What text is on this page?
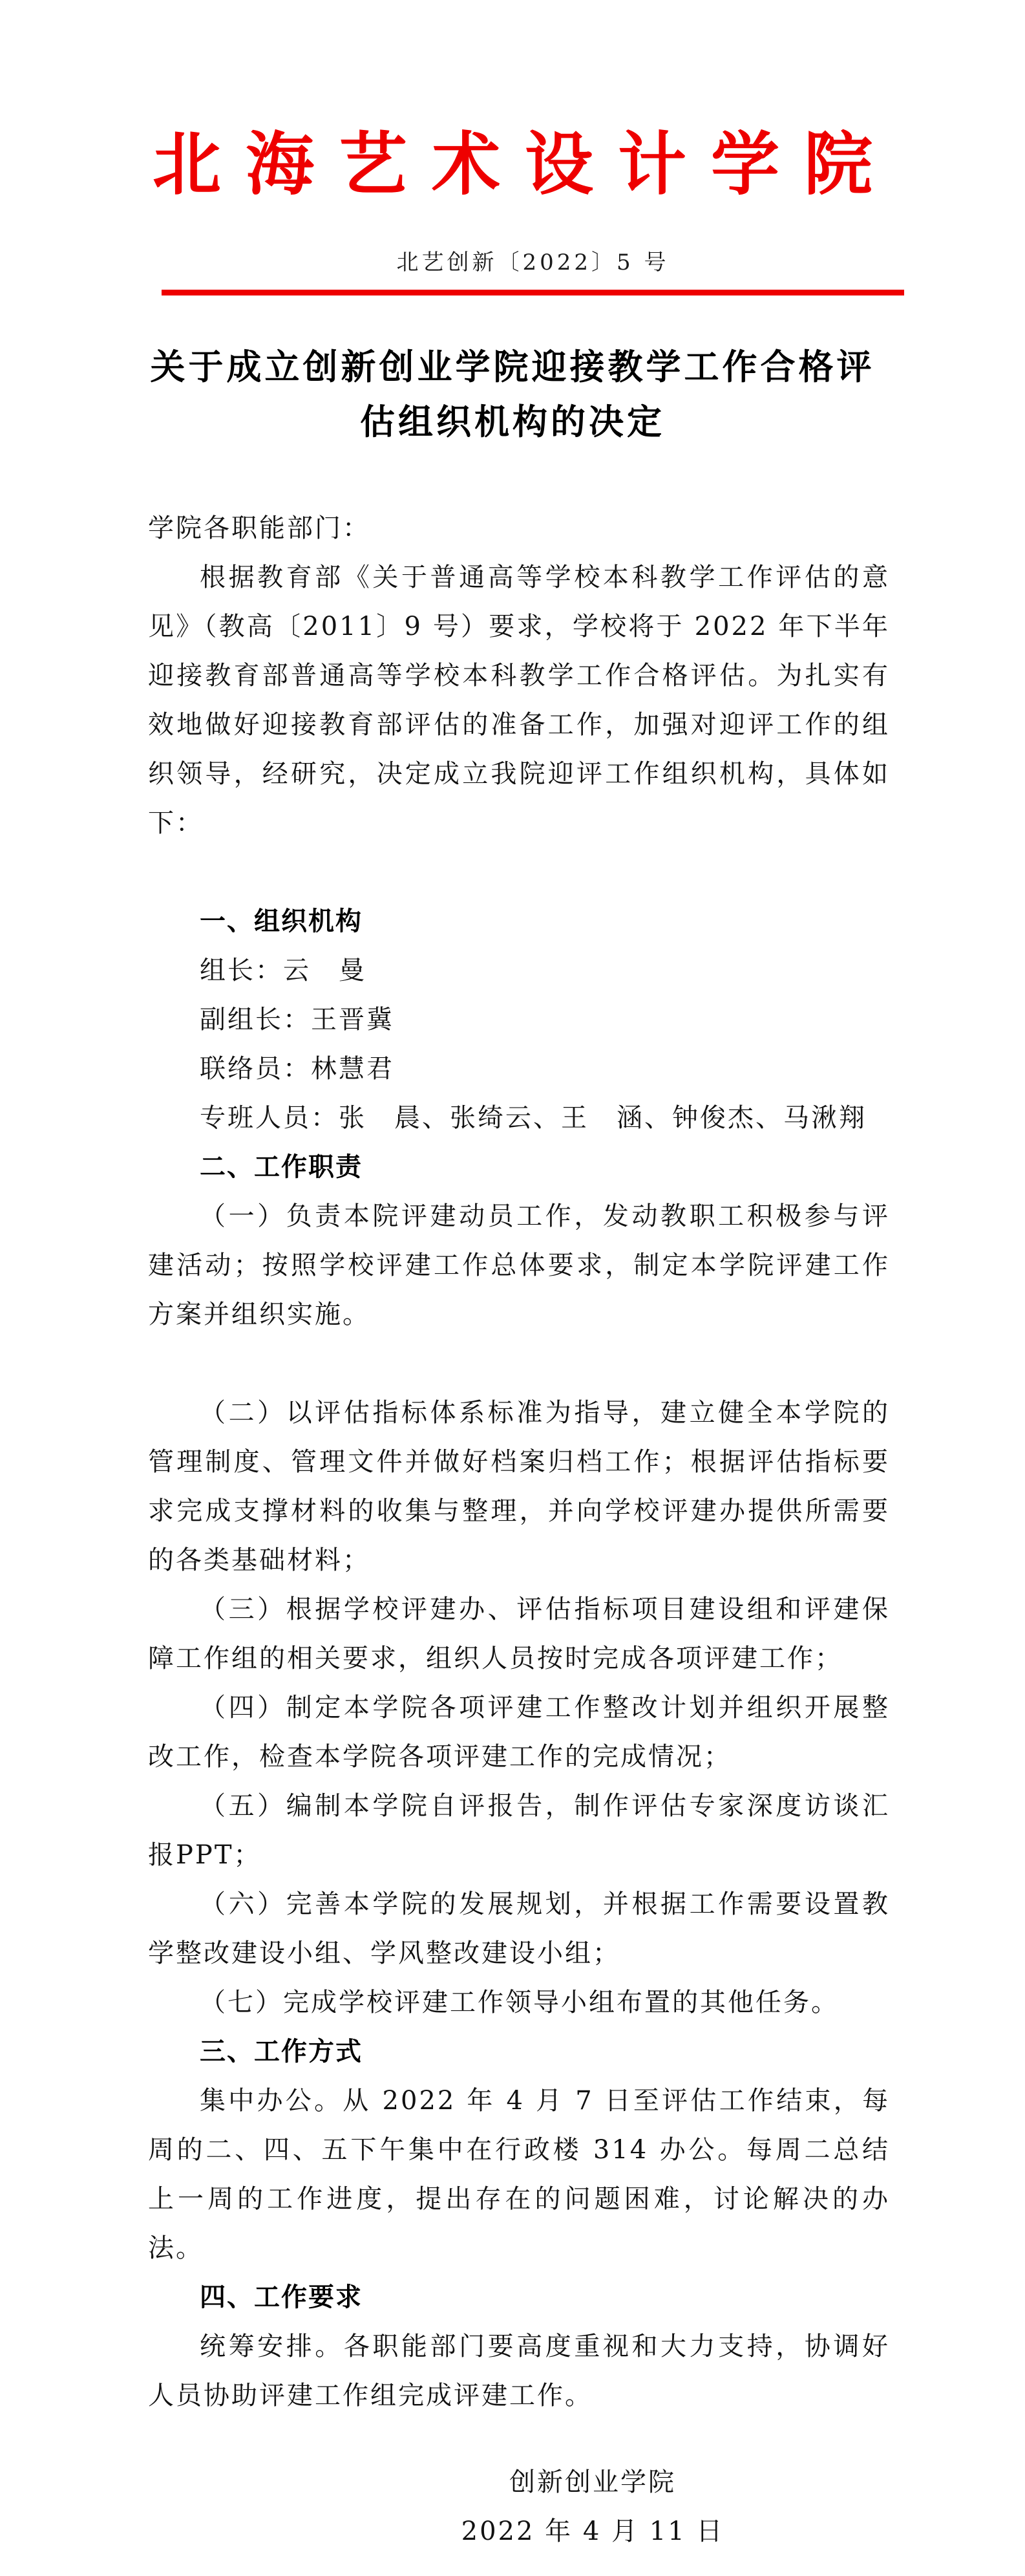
北海艺术设计学院
北艺创新〔2022〕5 号
关于成立创新创业学院迎接教学工作合格评
估组织机构的决定
学院各职能部门：
根据教育部《关于普通高等学校本科教学工作评估的意见》（教高〔2011〕9 号）要求，学校将于 2022 年下半年迎接教育部普通高等学校本科教学工作合格评估。为扎实有效地做好迎接教育部评估的准备工作，加强对迎评工作的组织领导，经研究，决定成立我院迎评工作组织机构，具体如下：
一、组织机构
组长：云　曼
副组长：王晋冀
联络员：林慧君
专班人员：张　晨、张绮云、王　涵、钟俊杰、马湫翔
二、工作职责
（一）负责本院评建动员工作，发动教职工积极参与评建活动；按照学校评建工作总体要求，制定本学院评建工作方案并组织实施。
（二）以评估指标体系标准为指导，建立健全本学院的管理制度、管理文件并做好档案归档工作；根据评估指标要求完成支撑材料的收集与整理，并向学校评建办提供所需要的各类基础材料；
（三）根据学校评建办、评估指标项目建设组和评建保障工作组的相关要求，组织人员按时完成各项评建工作；
（四）制定本学院各项评建工作整改计划并组织开展整改工作，检查本学院各项评建工作的完成情况；
（五）编制本学院自评报告，制作评估专家深度访谈汇报PPT；
（六）完善本学院的发展规划，并根据工作需要设置教学整改建设小组、学风整改建设小组；
（七）完成学校评建工作领导小组布置的其他任务。
三、工作方式
集中办公。从 2022 年 4 月 7 日至评估工作结束，每周的二、四、五下午集中在行政楼 314 办公。每周二总结上一周的工作进度，提出存在的问题困难，讨论解决的办法。
四、工作要求
统筹安排。各职能部门要高度重视和大力支持，协调好人员协助评建工作组完成评建工作。
创新创业学院
2022 年 4 月 11 日
